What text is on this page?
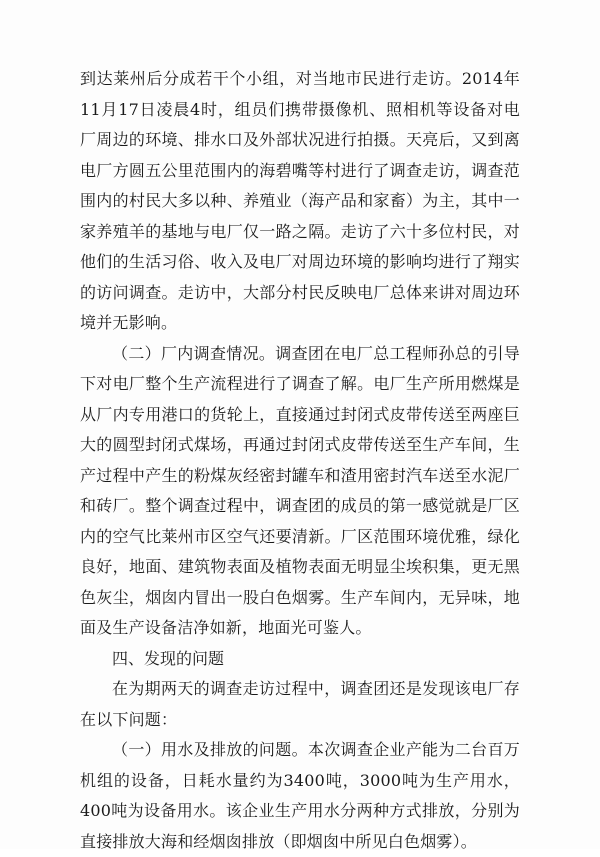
到达莱州后分成若干个小组，对当地市民进行走访。2014年11月17日凌晨4时，组员们携带摄像机、照相机等设备对电厂周边的环境、排水口及外部状况进行拍摄。天亮后，又到离电厂方圆五公里范围内的海碧嘴等村进行了调查走访，调查范围内的村民大多以种、养殖业（海产品和家畜）为主，其中一家养殖羊的基地与电厂仅一路之隔。走访了六十多位村民，对他们的生活习俗、收入及电厂对周边环境的影响均进行了翔实的访问调查。走访中，大部分村民反映电厂总体来讲对周边环境并无影响。

（二）厂内调查情况。调查团在电厂总工程师孙总的引导下对电厂整个生产流程进行了调查了解。电厂生产所用燃煤是从厂内专用港口的货轮上，直接通过封闭式皮带传送至两座巨大的圆型封闭式煤场，再通过封闭式皮带传送至生产车间，生产过程中产生的粉煤灰经密封罐车和渣用密封汽车送至水泥厂和砖厂。整个调查过程中，调查团的成员的第一感觉就是厂区内的空气比莱州市区空气还要清新。厂区范围环境优雅，绿化良好，地面、建筑物表面及植物表面无明显尘埃积集，更无黑色灰尘，烟囱内冒出一股白色烟雾。生产车间内，无异味，地面及生产设备洁净如新，地面光可鉴人。

四、发现的问题

在为期两天的调查走访过程中，调查团还是发现该电厂存在以下问题：

（一）用水及排放的问题。本次调查企业产能为二台百万机组的设备，日耗水量约为3400吨，3000吨为生产用水，400吨为设备用水。该企业生产用水分两种方式排放，分别为直接排放大海和经烟囱排放（即烟囱中所见白色烟雾）。
